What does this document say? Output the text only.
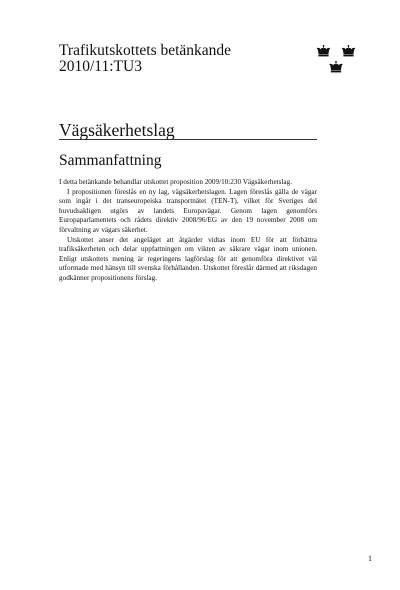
Trafikutskottets betänkande
2010/11:TU3
Vägsäkerhetslag
Sammanfattning

I detta betänkande behandlar utskottet proposition 2009/10:230 Vägsäkerhetslag.

I propositionen föreslås en ny lag, vägsäkerhetslagen. Lagen föreslås gälla de vägar som ingår i det transeuropeiska transportnätet (TEN-T), vilket för Sveriges del huvudsakligen utgörs av landets Europavägar. Genom lagen genomförs Europaparlamentets och rådets direktiv 2008/96/EG av den 19 november 2008 om förvaltning av vägars säkerhet.

Utskottet anser det angeläget att åtgärder vidtas inom EU för att förbättra trafiksäkerheten och delar uppfattningen om vikten av säkrare vägar inom unionen. Enligt utskottets mening är regeringens lagförslag för att genomföra direktivet väl utformade med hänsyn till svenska förhållanden. Utskottet föreslår därmed att riksdagen godkänner propositionens förslag.

1
